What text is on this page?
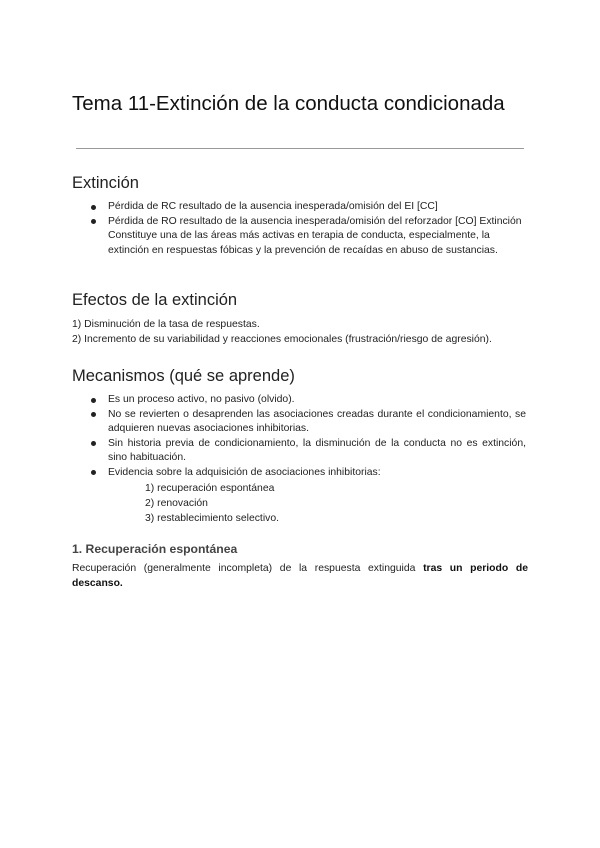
Tema 11-Extinción de la conducta condicionada
Extinción
Pérdida de RC resultado de la ausencia inesperada/omisión del EI [CC]
Pérdida de RO resultado de la ausencia inesperada/omisión del reforzador [CO] Extinción Constituye una de las áreas más activas en terapia de conducta, especialmente, la extinción en respuestas fóbicas y la prevención de recaídas en abuso de sustancias.
Efectos de la extinción

1) Disminución de la tasa de respuestas.

2) Incremento de su variabilidad y reacciones emocionales (frustración/riesgo de agresión).

Mecanismos (qué se aprende)
Es un proceso activo, no pasivo (olvido).
No se revierten o desaprenden las asociaciones creadas durante el condicionamiento, se adquieren nuevas asociaciones inhibitorias.
Sin historia previa de condicionamiento, la disminución de la conducta no es extinción, sino habituación.
Evidencia sobre la adquisición de asociaciones inhibitorias:

1) recuperación espontánea

2) renovación

3) restablecimiento selectivo.

1. Recuperación espontánea

Recuperación (generalmente incompleta) de la respuesta extinguida tras un periodo de descanso.
